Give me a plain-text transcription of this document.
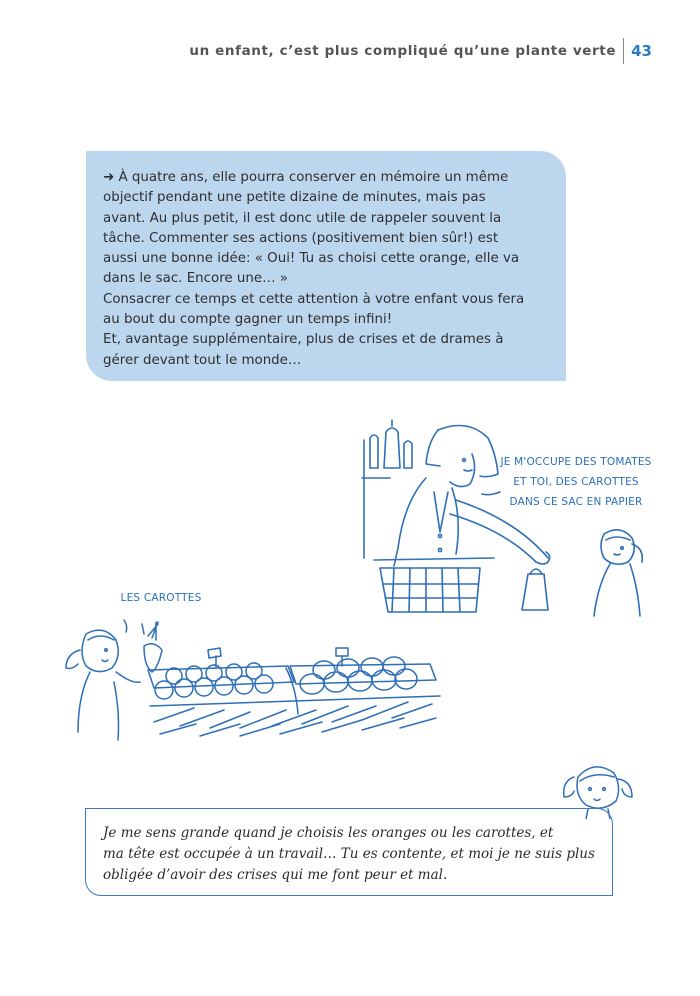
un enfant, c’est plus compliqué qu’une plante verte	43

➜ À quatre ans, elle pourra conserver en mémoire un même

objectif pendant une petite dizaine de minutes, mais pas

avant. Au plus petit, il est donc utile de rappeler souvent la

tâche. Commenter ses actions (positivement bien sûr!) est

aussi une bonne idée: « Oui! Tu as choisi cette orange, elle va

dans le sac. Encore une… »

Consacrer ce temps et cette attention à votre enfant vous fera

au bout du compte gagner un temps infini!

Et, avantage supplémentaire, plus de crises et de drames à

gérer devant tout le monde…

JE M'OCCUPE DES TOMATES
ET TOI, DES CAROTTES
DANS CE SAC EN PAPIER
LES CAROTTES

Je me sens grande quand je choisis les oranges ou les carottes, et

ma tête est occupée à un travail… Tu es contente, et moi je ne suis plus

obligée d’avoir des crises qui me font peur et mal.
